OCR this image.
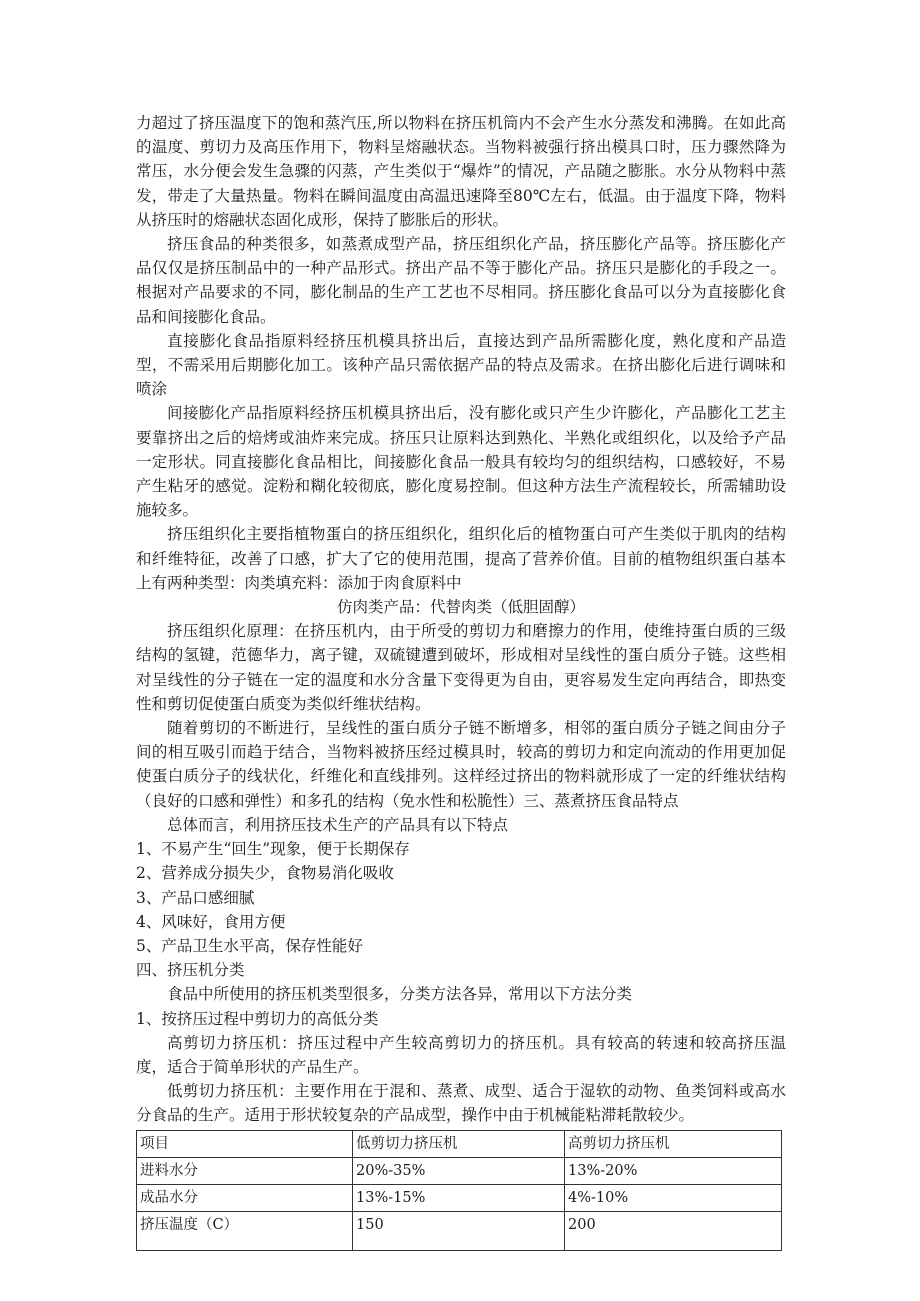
力超过了挤压温度下的饱和蒸汽压,所以物料在挤压机筒内不会产生水分蒸发和沸腾。在如此高的温度、剪切力及高压作用下，物料呈熔融状态。当物料被强行挤出模具口时，压力骤然降为常压，水分便会发生急骤的闪蒸，产生类似于“爆炸”的情况，产品随之膨胀。水分从物料中蒸发，带走了大量热量。物料在瞬间温度由高温迅速降至80℃左右，低温。由于温度下降，物料从挤压时的熔融状态固化成形，保持了膨胀后的形状。

挤压食品的种类很多，如蒸煮成型产品，挤压组织化产品，挤压膨化产品等。挤压膨化产品仅仅是挤压制品中的一种产品形式。挤出产品不等于膨化产品。挤压只是膨化的手段之一。根据对产品要求的不同，膨化制品的生产工艺也不尽相同。挤压膨化食品可以分为直接膨化食品和间接膨化食品。

直接膨化食品指原料经挤压机模具挤出后，直接达到产品所需膨化度，熟化度和产品造型，不需采用后期膨化加工。该种产品只需依据产品的特点及需求。在挤出膨化后进行调味和喷涂

间接膨化产品指原料经挤压机模具挤出后，没有膨化或只产生少许膨化，产品膨化工艺主要靠挤出之后的焙烤或油炸来完成。挤压只让原料达到熟化、半熟化或组织化，以及给予产品一定形状。同直接膨化食品相比，间接膨化食品一般具有较均匀的组织结构，口感较好，不易产生粘牙的感觉。淀粉和糊化较彻底，膨化度易控制。但这种方法生产流程较长，所需辅助设施较多。

挤压组织化主要指植物蛋白的挤压组织化，组织化后的植物蛋白可产生类似于肌肉的结构和纤维特征，改善了口感，扩大了它的使用范围，提高了营养价值。目前的植物组织蛋白基本上有两种类型：肉类填充料：添加于肉食原料中

仿肉类产品：代替肉类（低胆固醇）

挤压组织化原理：在挤压机内，由于所受的剪切力和磨擦力的作用，使维持蛋白质的三级结构的氢键，范德华力，离子键，双硫键遭到破坏，形成相对呈线性的蛋白质分子链。这些相对呈线性的分子链在一定的温度和水分含量下变得更为自由，更容易发生定向再结合，即热变性和剪切促使蛋白质变为类似纤维状结构。

随着剪切的不断进行，呈线性的蛋白质分子链不断增多，相邻的蛋白质分子链之间由分子间的相互吸引而趋于结合，当物料被挤压经过模具时，较高的剪切力和定向流动的作用更加促使蛋白质分子的线状化，纤维化和直线排列。这样经过挤出的物料就形成了一定的纤维状结构（良好的口感和弹性）和多孔的结构（免水性和松脆性）三、蒸煮挤压食品特点

总体而言，利用挤压技术生产的产品具有以下特点

1、不易产生“回生”现象，便于长期保存

2、营养成分损失少，食物易消化吸收

3、产品口感细腻

4、风味好，食用方便

5、产品卫生水平高，保存性能好

四、挤压机分类

食品中所使用的挤压机类型很多，分类方法各异，常用以下方法分类

1、按挤压过程中剪切力的高低分类

高剪切力挤压机：挤压过程中产生较高剪切力的挤压机。具有较高的转速和较高挤压温度，适合于简单形状的产品生产。

低剪切力挤压机：主要作用在于混和、蒸煮、成型、适合于湿软的动物、鱼类饲料或高水分食品的生产。适用于形状较复杂的产品成型，操作中由于机械能粘滞耗散较少。

项目	低剪切力挤压机	高剪切力挤压机
进料水分	20%-35%	13%-20%
成品水分	13%-15%	4%-10%
挤压温度（C）	150	200
